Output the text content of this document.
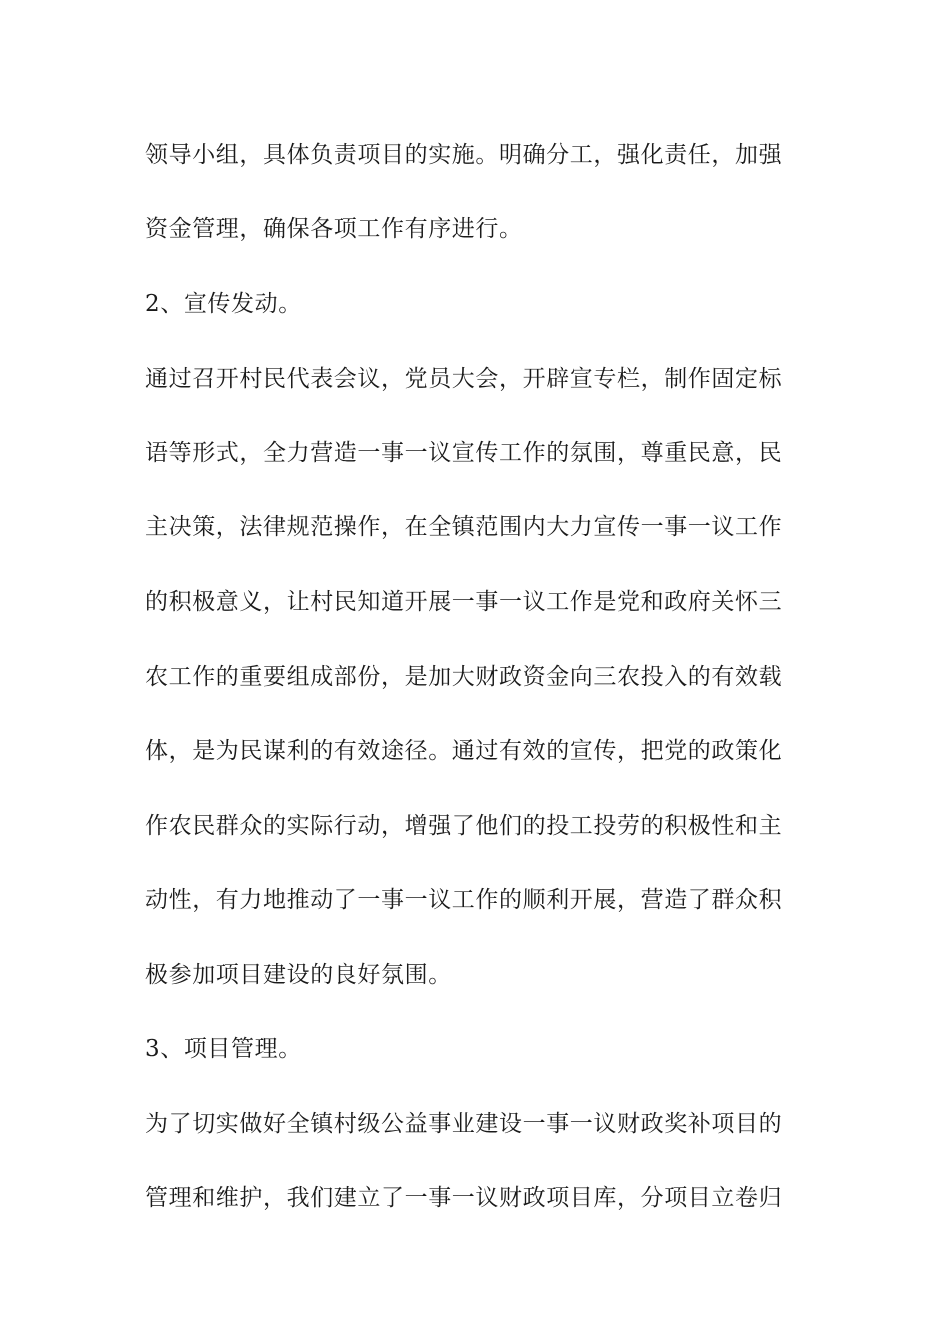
领导小组，具体负责项目的实施。明确分工，强化责任，加强
资金管理，确保各项工作有序进行。
2、宣传发动。
通过召开村民代表会议，党员大会，开辟宣专栏，制作固定标
语等形式，全力营造一事一议宣传工作的氛围，尊重民意，民
主决策，法律规范操作，在全镇范围内大力宣传一事一议工作
的积极意义，让村民知道开展一事一议工作是党和政府关怀三
农工作的重要组成部份，是加大财政资金向三农投入的有效载
体，是为民谋利的有效途径。通过有效的宣传，把党的政策化
作农民群众的实际行动，增强了他们的投工投劳的积极性和主
动性，有力地推动了一事一议工作的顺利开展，营造了群众积
极参加项目建设的良好氛围。
3、项目管理。
为了切实做好全镇村级公益事业建设一事一议财政奖补项目的
管理和维护，我们建立了一事一议财政项目库，分项目立卷归
